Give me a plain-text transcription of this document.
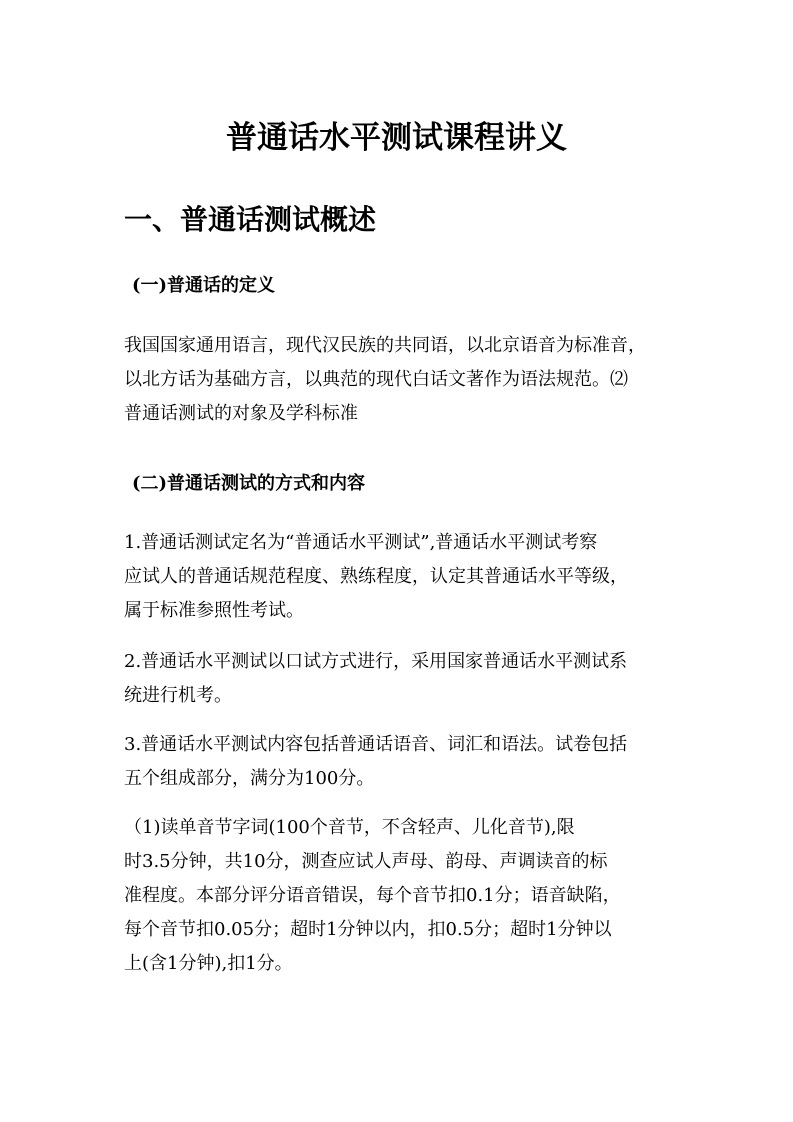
普通话水平测试课程讲义
一、普通话测试概述
(一)普通话的定义
我国国家通用语言，现代汉民族的共同语，以北京语音为标准音，
以北方话为基础方言，以典范的现代白话文著作为语法规范。⑵
普通话测试的对象及学科标准
(二)普通话测试的方式和内容
1.普通话测试定名为“普通话水平测试”,普通话水平测试考察
应试人的普通话规范程度、熟练程度，认定其普通话水平等级，
属于标准参照性考试。
2.普通话水平测试以口试方式进行，采用国家普通话水平测试系
统进行机考。
3.普通话水平测试内容包括普通话语音、词汇和语法。试卷包括
五个组成部分，满分为100分。
（1)读单音节字词(100个音节，不含轻声、儿化音节),限
时3.5分钟，共10分，测查应试人声母、韵母、声调读音的标
准程度。本部分评分语音错误，每个音节扣0.1分；语音缺陷，
每个音节扣0.05分；超时1分钟以内，扣0.5分；超时1分钟以
上(含1分钟),扣1分。
